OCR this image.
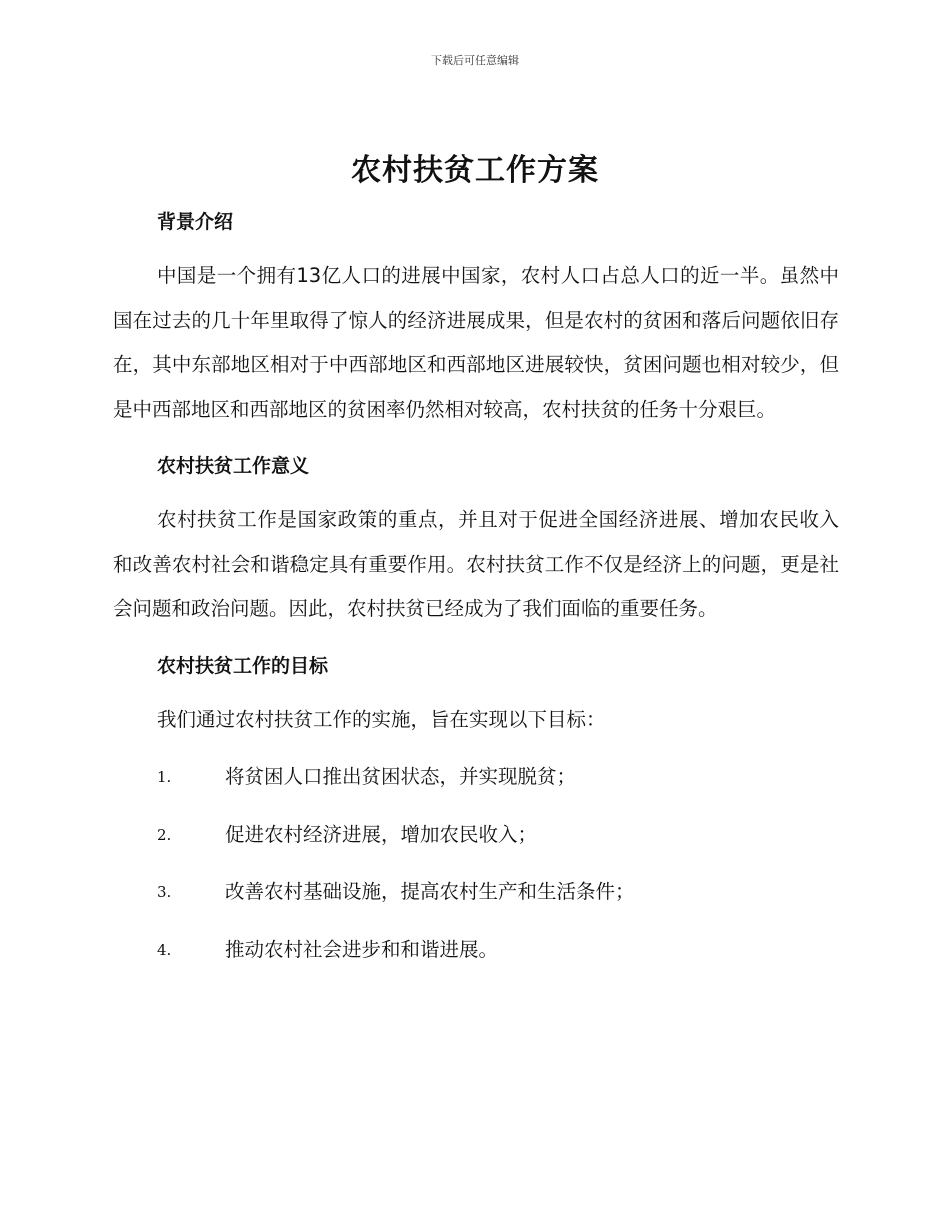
下载后可任意编辑
农村扶贫工作方案
背景介绍

中国是一个拥有13亿人口的进展中国家，农村人口占总人口的近一半。虽然中国在过去的几十年里取得了惊人的经济进展成果，但是农村的贫困和落后问题依旧存在，其中东部地区相对于中西部地区和西部地区进展较快，贫困问题也相对较少，但是中西部地区和西部地区的贫困率仍然相对较高，农村扶贫的任务十分艰巨。

农村扶贫工作意义

农村扶贫工作是国家政策的重点，并且对于促进全国经济进展、增加农民收入和改善农村社会和谐稳定具有重要作用。农村扶贫工作不仅是经济上的问题，更是社会问题和政治问题。因此，农村扶贫已经成为了我们面临的重要任务。

农村扶贫工作的目标

我们通过农村扶贫工作的实施，旨在实现以下目标：

1.	将贫困人口推出贫困状态，并实现脱贫；
2.	促进农村经济进展，增加农民收入；
3.	改善农村基础设施，提高农村生产和生活条件；
4.	推动农村社会进步和和谐进展。
